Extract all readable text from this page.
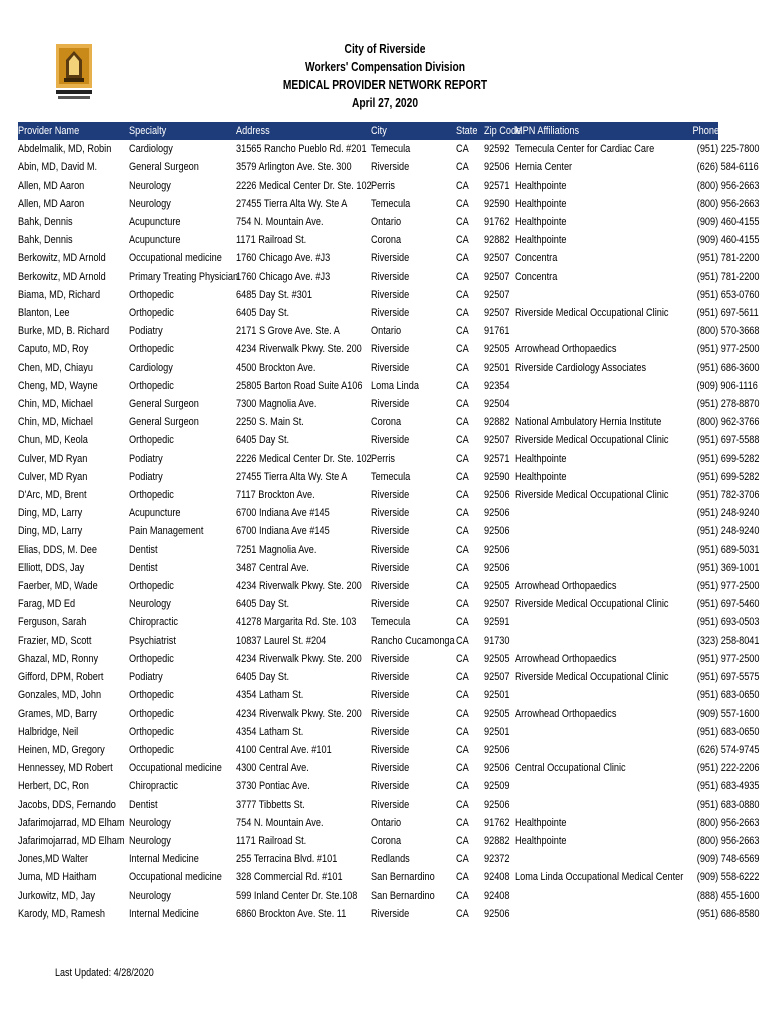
City of Riverside
Workers' Compensation Division
MEDICAL PROVIDER NETWORK REPORT
April 27, 2020
Provider Name	Specialty	Address	City	State	Zip Code	MPN Affiliations	Phone No.
Abdelmalik, MD, Robin	Cardiology	31565 Rancho Pueblo Rd. #201	Temecula	CA	92592	Temecula Center for Cardiac Care	(951) 225-7800
Abin, MD, David M.	General Surgeon	3579 Arlington Ave. Ste. 300	Riverside	CA	92506	Hernia Center	(626) 584-6116
Allen, MD Aaron	Neurology	2226 Medical Center Dr. Ste. 102	Perris	CA	92571	Healthpointe	(800) 956-2663
Allen, MD Aaron	Neurology	27455 Tierra Alta Wy. Ste A	Temecula	CA	92590	Healthpointe	(800) 956-2663
Bahk, Dennis	Acupuncture	754 N. Mountain Ave.	Ontario	CA	91762	Healthpointe	(909) 460-4155
Bahk, Dennis	Acupuncture	1171 Railroad St.	Corona	CA	92882	Healthpointe	(909) 460-4155
Berkowitz, MD Arnold	Occupational medicine	1760 Chicago Ave. #J3	Riverside	CA	92507	Concentra	(951) 781-2200
Berkowitz, MD Arnold	Primary Treating Physician	1760 Chicago Ave. #J3	Riverside	CA	92507	Concentra	(951) 781-2200
Biama, MD, Richard	Orthopedic	6485 Day St. #301	Riverside	CA	92507		(951) 653-0760
Blanton, Lee	Orthopedic	6405 Day St.	Riverside	CA	92507	Riverside Medical Occupational Clinic	(951) 697-5611
Burke, MD, B. Richard	Podiatry	2171 S Grove Ave. Ste. A	Ontario	CA	91761		(800) 570-3668
Caputo, MD, Roy	Orthopedic	4234 Riverwalk Pkwy. Ste. 200	Riverside	CA	92505	Arrowhead Orthopaedics	(951) 977-2500
Chen, MD, Chiayu	Cardiology	4500 Brockton Ave.	Riverside	CA	92501	Riverside Cardiology Associates	(951) 686-3600
Cheng, MD, Wayne	Orthopedic	25805 Barton Road Suite A106	Loma Linda	CA	92354		(909) 906-1116
Chin, MD, Michael	General Surgeon	7300 Magnolia Ave.	Riverside	CA	92504		(951) 278-8870
Chin, MD, Michael	General Surgeon	2250 S. Main St.	Corona	CA	92882	National Ambulatory Hernia Institute	(800) 962-3766
Chun, MD, Keola	Orthopedic	6405 Day St.	Riverside	CA	92507	Riverside Medical Occupational Clinic	(951) 697-5588
Culver, MD Ryan	Podiatry	2226 Medical Center Dr. Ste. 102	Perris	CA	92571	Healthpointe	(951) 699-5282
Culver, MD Ryan	Podiatry	27455 Tierra Alta Wy. Ste A	Temecula	CA	92590	Healthpointe	(951) 699-5282
D'Arc, MD, Brent	Orthopedic	7117 Brockton Ave.	Riverside	CA	92506	Riverside Medical Occupational Clinic	(951) 782-3706
Ding, MD, Larry	Acupuncture	6700 Indiana Ave #145	Riverside	CA	92506		(951) 248-9240
Ding, MD, Larry	Pain Management	6700 Indiana Ave #145	Riverside	CA	92506		(951) 248-9240
Elias, DDS, M. Dee	Dentist	7251 Magnolia Ave.	Riverside	CA	92506		(951) 689-5031
Elliott, DDS, Jay	Dentist	3487 Central Ave.	Riverside	CA	92506		(951) 369-1001
Faerber, MD, Wade	Orthopedic	4234 Riverwalk Pkwy. Ste. 200	Riverside	CA	92505	Arrowhead Orthopaedics	(951) 977-2500
Farag, MD Ed	Neurology	6405 Day St.	Riverside	CA	92507	Riverside Medical Occupational Clinic	(951) 697-5460
Ferguson, Sarah	Chiropractic	41278 Margarita Rd. Ste. 103	Temecula	CA	92591		(951) 693-0503
Frazier, MD, Scott	Psychiatrist	10837 Laurel St. #204	Rancho Cucamonga	CA	91730		(323) 258-8041
Ghazal, MD, Ronny	Orthopedic	4234 Riverwalk Pkwy. Ste. 200	Riverside	CA	92505	Arrowhead Orthopaedics	(951) 977-2500
Gifford, DPM, Robert	Podiatry	6405 Day St.	Riverside	CA	92507	Riverside Medical Occupational Clinic	(951) 697-5575
Gonzales, MD, John	Orthopedic	4354 Latham St.	Riverside	CA	92501		(951) 683-0650
Grames, MD, Barry	Orthopedic	4234 Riverwalk Pkwy. Ste. 200	Riverside	CA	92505	Arrowhead Orthopaedics	(909) 557-1600
Halbridge, Neil	Orthopedic	4354 Latham St.	Riverside	CA	92501		(951) 683-0650
Heinen, MD, Gregory	Orthopedic	4100 Central Ave. #101	Riverside	CA	92506		(626) 574-9745
Hennessey, MD Robert	Occupational medicine	4300 Central Ave.	Riverside	CA	92506	Central Occupational Clinic	(951) 222-2206
Herbert, DC, Ron	Chiropractic	3730 Pontiac Ave.	Riverside	CA	92509		(951) 683-4935
Jacobs, DDS, Fernando	Dentist	3777 Tibbetts St.	Riverside	CA	92506		(951) 683-0880
Jafarimojarrad, MD Elham	Neurology	754 N. Mountain Ave.	Ontario	CA	91762	Healthpointe	(800) 956-2663
Jafarimojarrad, MD Elham	Neurology	1171 Railroad St.	Corona	CA	92882	Healthpointe	(800) 956-2663
Jones,MD Walter	Internal Medicine	255 Terracina Blvd. #101	Redlands	CA	92372		(909) 748-6569
Juma, MD Haitham	Occupational medicine	328 Commercial Rd. #101	San Bernardino	CA	92408	Loma Linda Occupational Medical Center	(909) 558-6222
Jurkowitz, MD, Jay	Neurology	599 Inland Center Dr. Ste.108	San Bernardino	CA	92408		(888) 455-1600
Karody, MD, Ramesh	Internal Medicine	6860 Brockton Ave. Ste. 11	Riverside	CA	92506		(951) 686-8580
Last Updated: 4/28/2020
